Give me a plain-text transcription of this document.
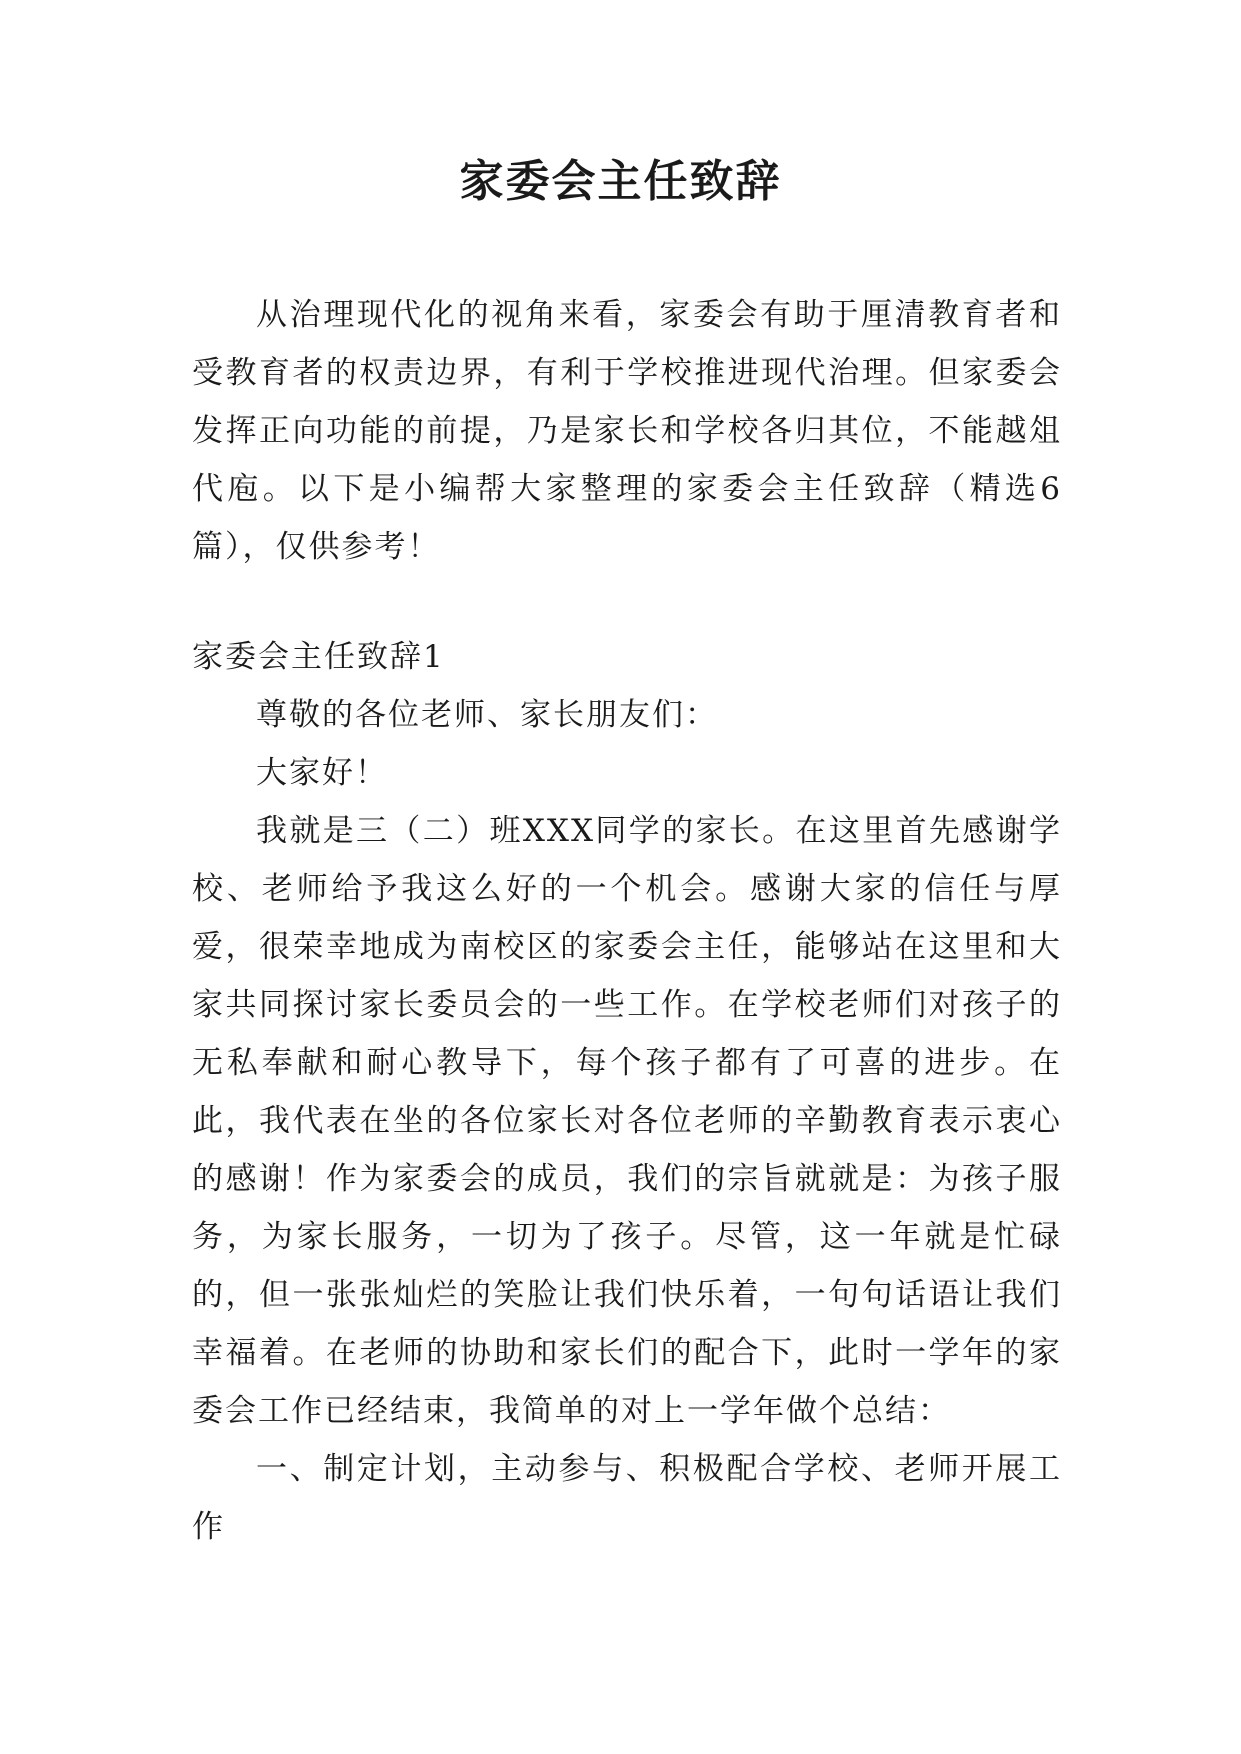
家委会主任致辞

从治理现代化的视角来看，家委会有助于厘清教育者和受教育者的权责边界，有利于学校推进现代治理。但家委会发挥正向功能的前提，乃是家长和学校各归其位，不能越俎代庖。以下是小编帮大家整理的家委会主任致辞（精选6篇），仅供参考！

家委会主任致辞1

尊敬的各位老师、家长朋友们：

大家好！

我就是三（二）班XXX同学的家长。在这里首先感谢学校、老师给予我这么好的一个机会。感谢大家的信任与厚爱，很荣幸地成为南校区的家委会主任，能够站在这里和大家共同探讨家长委员会的一些工作。在学校老师们对孩子的无私奉献和耐心教导下，每个孩子都有了可喜的进步。在此，我代表在坐的各位家长对各位老师的辛勤教育表示衷心的感谢！作为家委会的成员，我们的宗旨就就是：为孩子服务，为家长服务，一切为了孩子。尽管，这一年就是忙碌的，但一张张灿烂的笑脸让我们快乐着，一句句话语让我们幸福着。在老师的协助和家长们的配合下，此时一学年的家委会工作已经结束，我简单的对上一学年做个总结：

一、制定计划，主动参与、积极配合学校、老师开展工作
